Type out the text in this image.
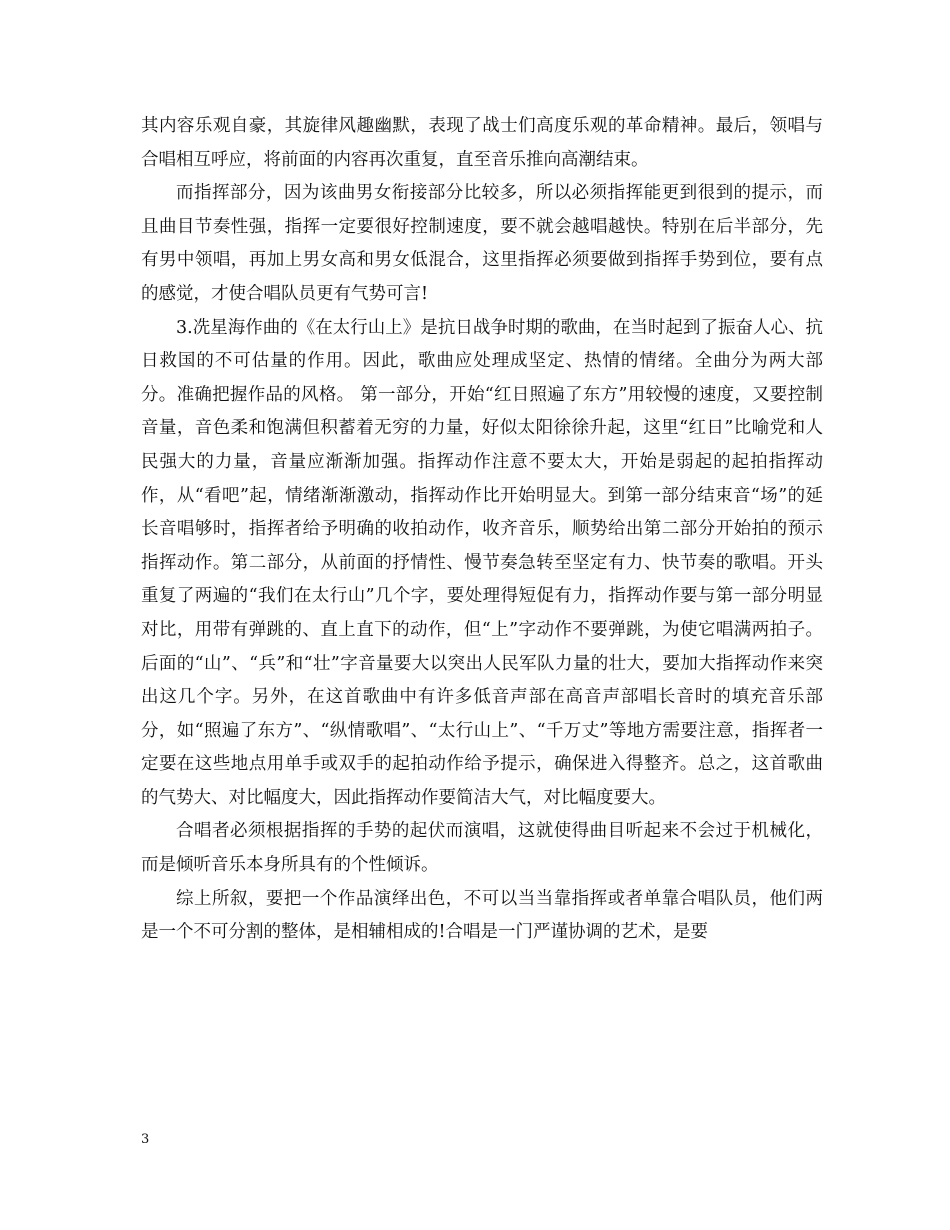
其内容乐观自豪，其旋律风趣幽默，表现了战士们高度乐观的革命精神。最后，领唱与合唱相互呼应，将前面的内容再次重复，直至音乐推向高潮结束。

而指挥部分，因为该曲男女衔接部分比较多，所以必须指挥能更到很到的提示，而且曲目节奏性强，指挥一定要很好控制速度，要不就会越唱越快。特别在后半部分，先有男中领唱，再加上男女高和男女低混合，这里指挥必须要做到指挥手势到位，要有点的感觉，才使合唱队员更有气势可言!

3.冼星海作曲的《在太行山上》是抗日战争时期的歌曲，在当时起到了振奋人心、抗日救国的不可估量的作用。因此，歌曲应处理成坚定、热情的情绪。全曲分为两大部分。准确把握作品的风格。 第一部分，开始“红日照遍了东方”用较慢的速度，又要控制音量，音色柔和饱满但积蓄着无穷的力量，好似太阳徐徐升起，这里“红日”比喻党和人民强大的力量，音量应渐渐加强。指挥动作注意不要太大，开始是弱起的起拍指挥动作，从“看吧”起，情绪渐渐激动，指挥动作比开始明显大。到第一部分结束音“场”的延长音唱够时，指挥者给予明确的收拍动作，收齐音乐，顺势给出第二部分开始拍的预示指挥动作。第二部分，从前面的抒情性、慢节奏急转至坚定有力、快节奏的歌唱。开头重复了两遍的“我们在太行山”几个字，要处理得短促有力，指挥动作要与第一部分明显对比，用带有弹跳的、直上直下的动作，但“上”字动作不要弹跳，为使它唱满两拍子。后面的“山”、“兵”和“壮”字音量要大以突出人民军队力量的壮大，要加大指挥动作来突出这几个字。另外，在这首歌曲中有许多低音声部在高音声部唱长音时的填充音乐部分，如“照遍了东方”、“纵情歌唱”、“太行山上”、“千万丈”等地方需要注意，指挥者一定要在这些地点用单手或双手的起拍动作给予提示，确保进入得整齐。总之，这首歌曲的气势大、对比幅度大，因此指挥动作要简洁大气，对比幅度要大。

合唱者必须根据指挥的手势的起伏而演唱，这就使得曲目听起来不会过于机械化，而是倾听音乐本身所具有的个性倾诉。

综上所叙，要把一个作品演绎出色，不可以当当靠指挥或者单靠合唱队员，他们两是一个不可分割的整体，是相辅相成的!合唱是一门严谨协调的艺术，是要

3
